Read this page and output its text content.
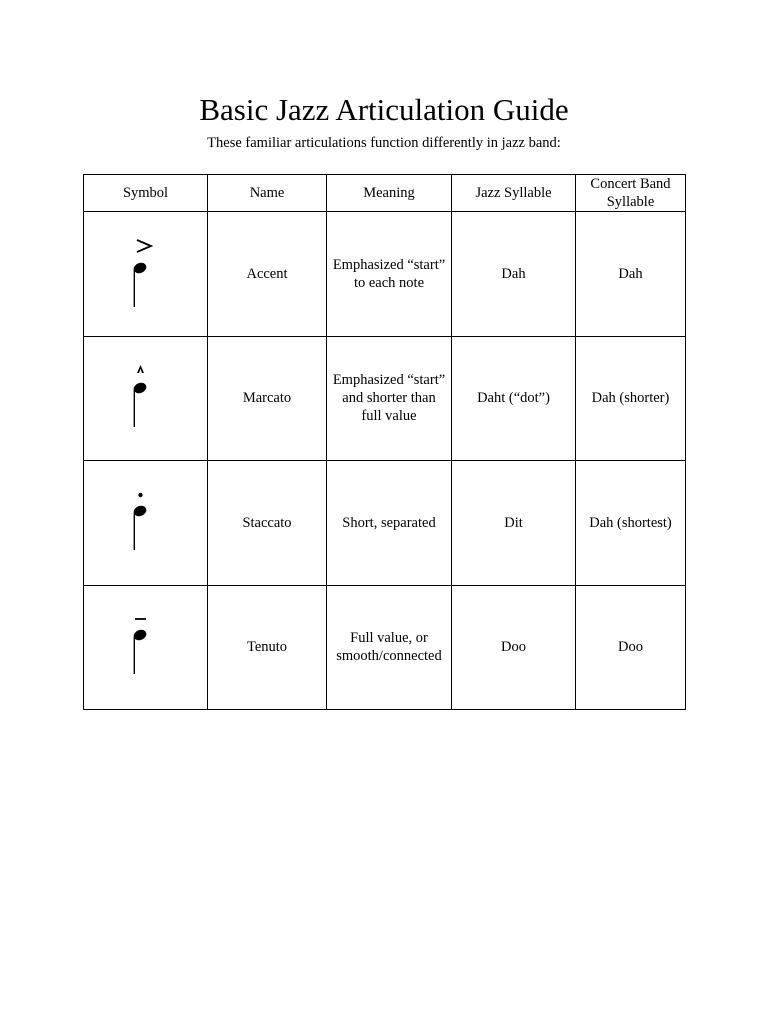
Basic Jazz Articulation Guide
These familiar articulations function differently in jazz band:
Symbol	Name	Meaning	Jazz Syllable	Concert Band Syllable

	Accent	Emphasized “start” to each note	Dah	Dah

	Marcato	Emphasized “start” and shorter than full value	Daht (“dot”)	Dah (shorter)

	Staccato	Short, separated	Dit	Dah (shortest)

	Tenuto	Full value, or smooth/connected	Doo	Doo
